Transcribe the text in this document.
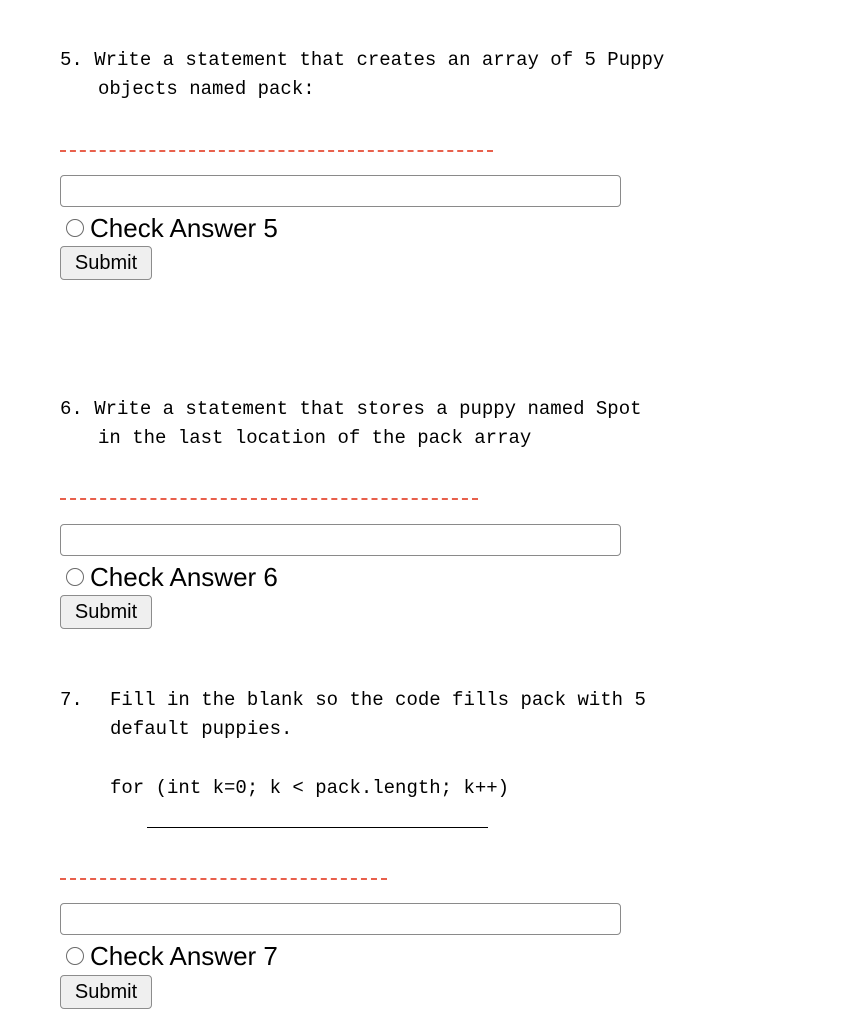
5. Write a statement that creates an array of 5 Puppy

objects named pack:

Check Answer 5
Submit

6. Write a statement that stores a puppy named Spot

in the last location of the pack array

Check Answer 6
Submit
7. Fill in the blank so the code fills pack with 5
default puppies.
for (int k=0; k < pack.length; k++)
Check Answer 7
Submit
